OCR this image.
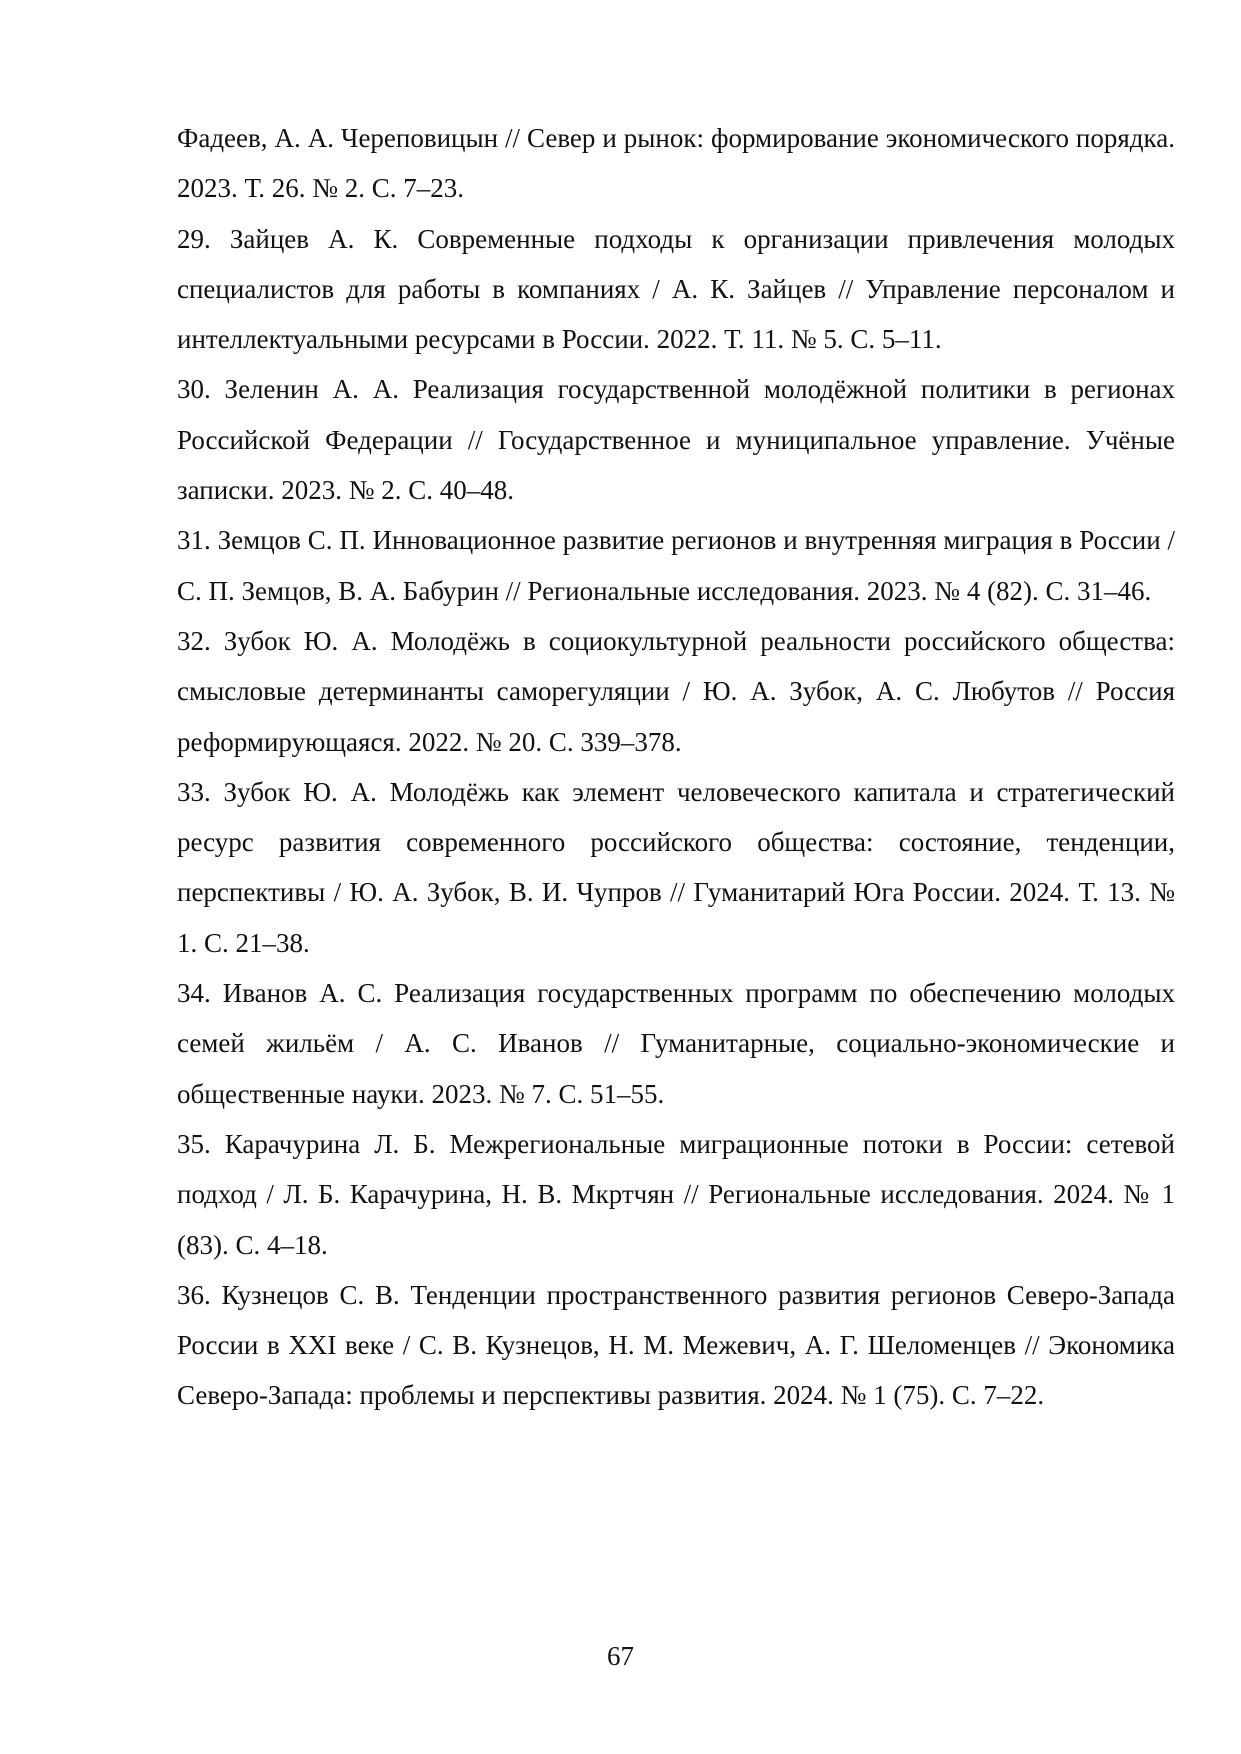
Фадеев, А. А. Череповицын // Север и рынок: формирование экономического порядка. 2023. Т. 26. № 2. С. 7–23.

29. Зайцев А. К. Современные подходы к организации привлечения молодых специалистов для работы в компаниях / А. К. Зайцев // Управление персоналом и интеллектуальными ресурсами в России. 2022. Т. 11. № 5. С. 5–11.

30. Зеленин А. А. Реализация государственной молодёжной политики в регионах Российской Федерации // Государственное и муниципальное управление. Учёные записки. 2023. № 2. С. 40–48.

31. Земцов С. П. Инновационное развитие регионов и внутренняя миграция в России / С. П. Земцов, В. А. Бабурин // Региональные исследования. 2023. № 4 (82). С. 31–46.

32. Зубок Ю. А. Молодёжь в социокультурной реальности российского общества: смысловые детерминанты саморегуляции / Ю. А. Зубок, А. С. Любутов // Россия реформирующаяся. 2022. № 20. С. 339–378.

33. Зубок Ю. А. Молодёжь как элемент человеческого капитала и стратегический ресурс развития современного российского общества: состояние, тенденции, перспективы / Ю. А. Зубок, В. И. Чупров // Гуманитарий Юга России. 2024. Т. 13. № 1. С. 21–38.

34. Иванов А. С. Реализация государственных программ по обеспечению молодых семей жильём / А. С. Иванов // Гуманитарные, социально-экономические и общественные науки. 2023. № 7. С. 51–55.

35. Карачурина Л. Б. Межрегиональные миграционные потоки в России: сетевой подход / Л. Б. Карачурина, Н. В. Мкртчян // Региональные исследования. 2024. № 1 (83). С. 4–18.

36. Кузнецов С. В. Тенденции пространственного развития регионов Северо-Запада России в XXI веке / С. В. Кузнецов, Н. М. Межевич, А. Г. Шеломенцев // Экономика Северо-Запада: проблемы и перспективы развития. 2024. № 1 (75). С. 7–22.

67
